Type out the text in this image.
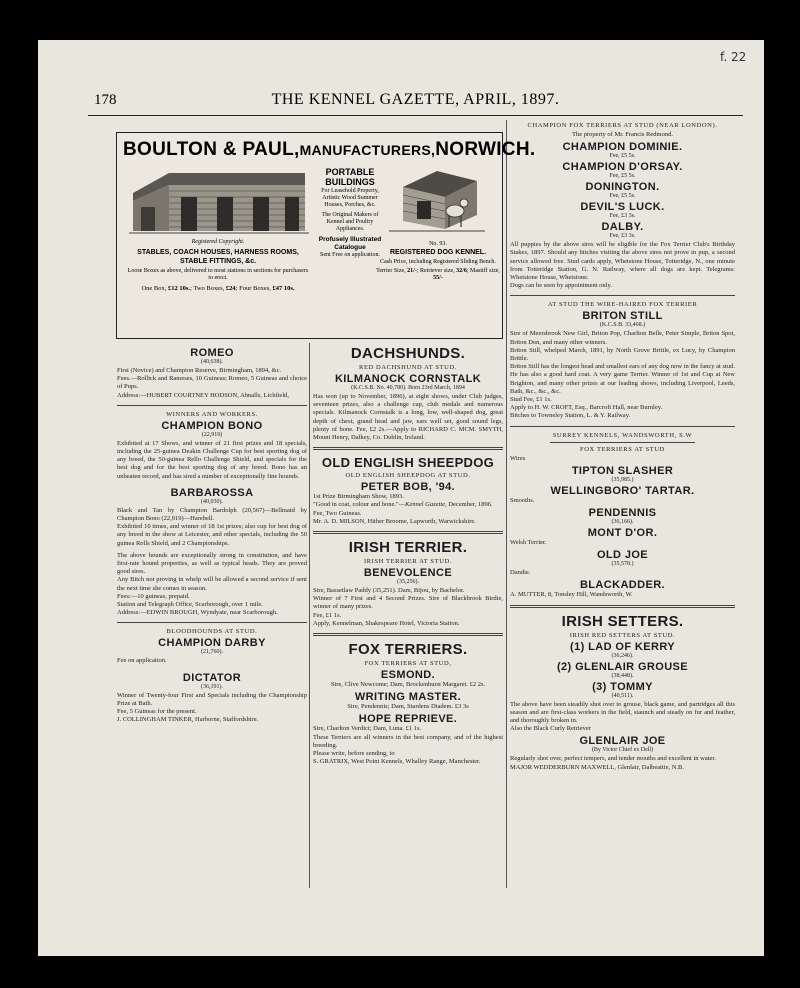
f. 22
178	THE KENNEL GAZETTE, APRIL, 1897.
BOULTON & PAUL,MANUFACTURERS,NORWICH.
PORTABLE BUILDINGS
For Leasehold Property, Artistic Wood Summer Houses, Porches, &c.
The Original Makers of Kennel and Poultry Appliances.
Profusely Illustrated Catalogue
Sent Free on application.
Registered Copyright.
STABLES, COACH HOUSES, HARNESS ROOMS, STABLE FITTINGS, &c.
Loose Boxes as above, delivered to most stations in sections for purchasers to erect.
One Box, £12 10s.; Two Boxes, £24; Four Boxes, £47 10s.
No. 93.
REGISTERED DOG KENNEL.
Cash Price, including Registered Sliding Bench.
Terrier Size, 21/-; Retriever size, 32/6; Mastiff size, 55/-
ROMEO
(40,638).

First (Novice) and Champion Reserve, Birmingham, 1894, &c.

Fees.—Rollick and Rameses, 10 Guineas; Romeo, 5 Guineas and choice of Pups.

Address:—HUBERT COURTNEY HODSON, Abnalls, Lichfield,

WINNERS AND WORKERS.
CHAMPION BONO
(22,919)

Exhibited at 17 Shows, and winner of 21 first prizes and 18 specials, including the 25-guinea Deakin Challenge Cup for best sporting dog of any breed, the 50-guinea Rello Challenge Shield, and specials for the best dog and for the best sporting dog of any breed. Bono has an unbeaten record, and has sired a number of exceptionally fine hounds.

BARBAROSSA
(40,030).

Black and Tan by Champion Bardolph (20,567)—Bellmaid by Champion Bono (22,919)—Harebell.

Exhibited 10 times, and winner of 18 1st prizes; also cup for best dog of any breed in the show at Leicester, and other specials, including the 50 guinea Rolls Shield, and 2 Championships.

The above hounds are exceptionally strong in constitution, and have first-rate hound properties, as well as typical heads. They are proved good sires.

Any Bitch not proving in whelp will be allowed a second service if sent the next time she comes in season.

Fees:—10 guineas, prepaid.

Station and Telegraph Office, Scarborough, over 1 mile.

Address:—EDWIN BROUGH, Wyndyate, near Scarborough.

BLOODHOUNDS AT STUD.
CHAMPION DARBY
(21,760).

Fee on application.

DICTATOR
(36,191).

Winner of Twenty-four First and Specials including the Championship Prize at Bath.

Fee, 5 Guineas for the present.

J. COLLINGHAM TINKER, Harborne, Staffordshire.

DACHSHUNDS.
RED DACHSHUND AT STUD.
KILMANOCK CORNSTALK
(K.C.S.B. No. 40,780). Born 23rd March, 1894

Has won (up to November, 1896), at eight shows, under Club judges, seventeen prizes, also a challenge cup, club medals and numerous specials. Kilmanock Cornstalk is a long, low, well-shaped dog, great depth of chest, grand head and jaw, ears well set, good sound legs, plenty of bone. Fee, £2 2s.—Apply to RICHARD C. MCM. SMYTH, Mount Henry, Dalkey, Co. Dublin, Ireland.

OLD ENGLISH SHEEPDOG
OLD ENGLISH SHEEPDOG AT STUD.
PETER BOB, '94.

1st Prize Birmingham Show, 1893.

"Good in coat, colour and bone."—Kennel Gazette, December, 1896.

Fee, Two Guineas.

Mr. A. D. MILSON, Hither Broome, Lapworth, Warwickshire.

IRISH TERRIER.
IRISH TERRIER AT STUD.
BENEVOLENCE
(35,256).

Sire, Bassetlaw Paddy (35,251). Dam, Bijou, by Bachelor.

Winner of 7 First and 4 Second Prizes. Sire of Blackbrook Birdie, winner of many prizes.

Fee, £1 1s.

Apply, Kennelman, Shakespeare Hotel, Victoria Station.

FOX TERRIERS.
FOX TERRIERS AT STUD,
ESMOND.

Sire, Clive Newcome; Dam, Brockenhurst Margaret. £2 2s.

WRITING MASTER.

Sire, Pendennis; Dam, Stardens Diadem. £3 3s

HOPE REPRIEVE.

Sire, Charlton Verdict; Dam, Luna. £1 1s.

These Terriers are all winners in the best company, and of the highest breeding.

Please write, before sending, to

S. GRATRIX, West Point Kennels, Whalley Range, Manchester.

CHAMPION FOX TERRIERS AT STUD (NEAR LONDON).

The property of Mr. Francis Redmond.

CHAMPION DOMINIE.
Fee, £5 5s.
CHAMPION D'ORSAY.
Fee, £5 5s.
DONINGTON.
Fee, £5 5s.
DEVIL'S LUCK.
Fee, £3 3s.
DALBY.
Fee, £3 3s.

All puppies by the above sires will be eligible for the Fox Terrier Club's Birthday Stakes, 1897. Should any bitches visiting the above sires not prove in pup, a second service allowed free. Stud cards apply, Whetstone House, Totteridge, N., one minute from Totteridge Station, G. N. Railway, where all dogs are kept. Telegrams: Whetstone House, Whetstone.

Dogs can be seen by appointment only.

AT STUD THE WIRE-HAIRED FOX TERRIER
BRITON STILL
(K.C.S.B. 33,468.)

Sire of Meersbrook New Girl, Briton Pop, Charlton Belle, Peter Simple, Briton Spot, Briton Don, and many other winners.

Briton Still, whelped March, 1891, by North Grove Brittle, ex Lucy, by Champion Brittle.

Briton Still has the longest head and smallest ears of any dog now in the fancy at stud. He has also a good hard coat. A very game Terrier. Winner of 1st and Cup at New Brighton, and many other prizes at our leading shows, including Liverpool, Leeds, Bath, &c., &c., &c.

Stud Fee, £1 1s.

Apply to H. W. CROFT, Esq., Barcroft Hall, near Burnley.

Bitches to Towneley Station, L. & Y. Railway.

SURREY KENNELS, WANDSWORTH, S.W
FOX TERRIERS AT STUD

Wires

TIPTON SLASHER
(35,985.)
WELLINGBORO' TARTAR.

Smooths.

PENDENNIS
(36,166).
MONT D'OR.

Welsh Terrier.

OLD JOE
(35,578.)

Dandie.

BLACKADDER.

A. MUTTER, 8, Tonsley Hill, Wandsworth, W.

IRISH SETTERS.
IRISH RED SETTERS AT STUD.
(1) LAD OF KERRY
(36,246).
(2) GLENLAIR GROUSE
(38,448).
(3) TOMMY
(40,511).

The above have been steadily shot over to grouse, black game, and partridges all this season and are first-class workers in the field, staunch and steady on fur and feather, and thoroughly broken in.

Also the Black Curly Retriever

GLENLAIR JOE
(By Victor Chief ex Dell)

Regularly shot over, perfect tempers, and tender mouths and excellent in water.

MAJOR WEDDERBURN MAXWELL, Glenlair, Dalbeattie, N.B.
